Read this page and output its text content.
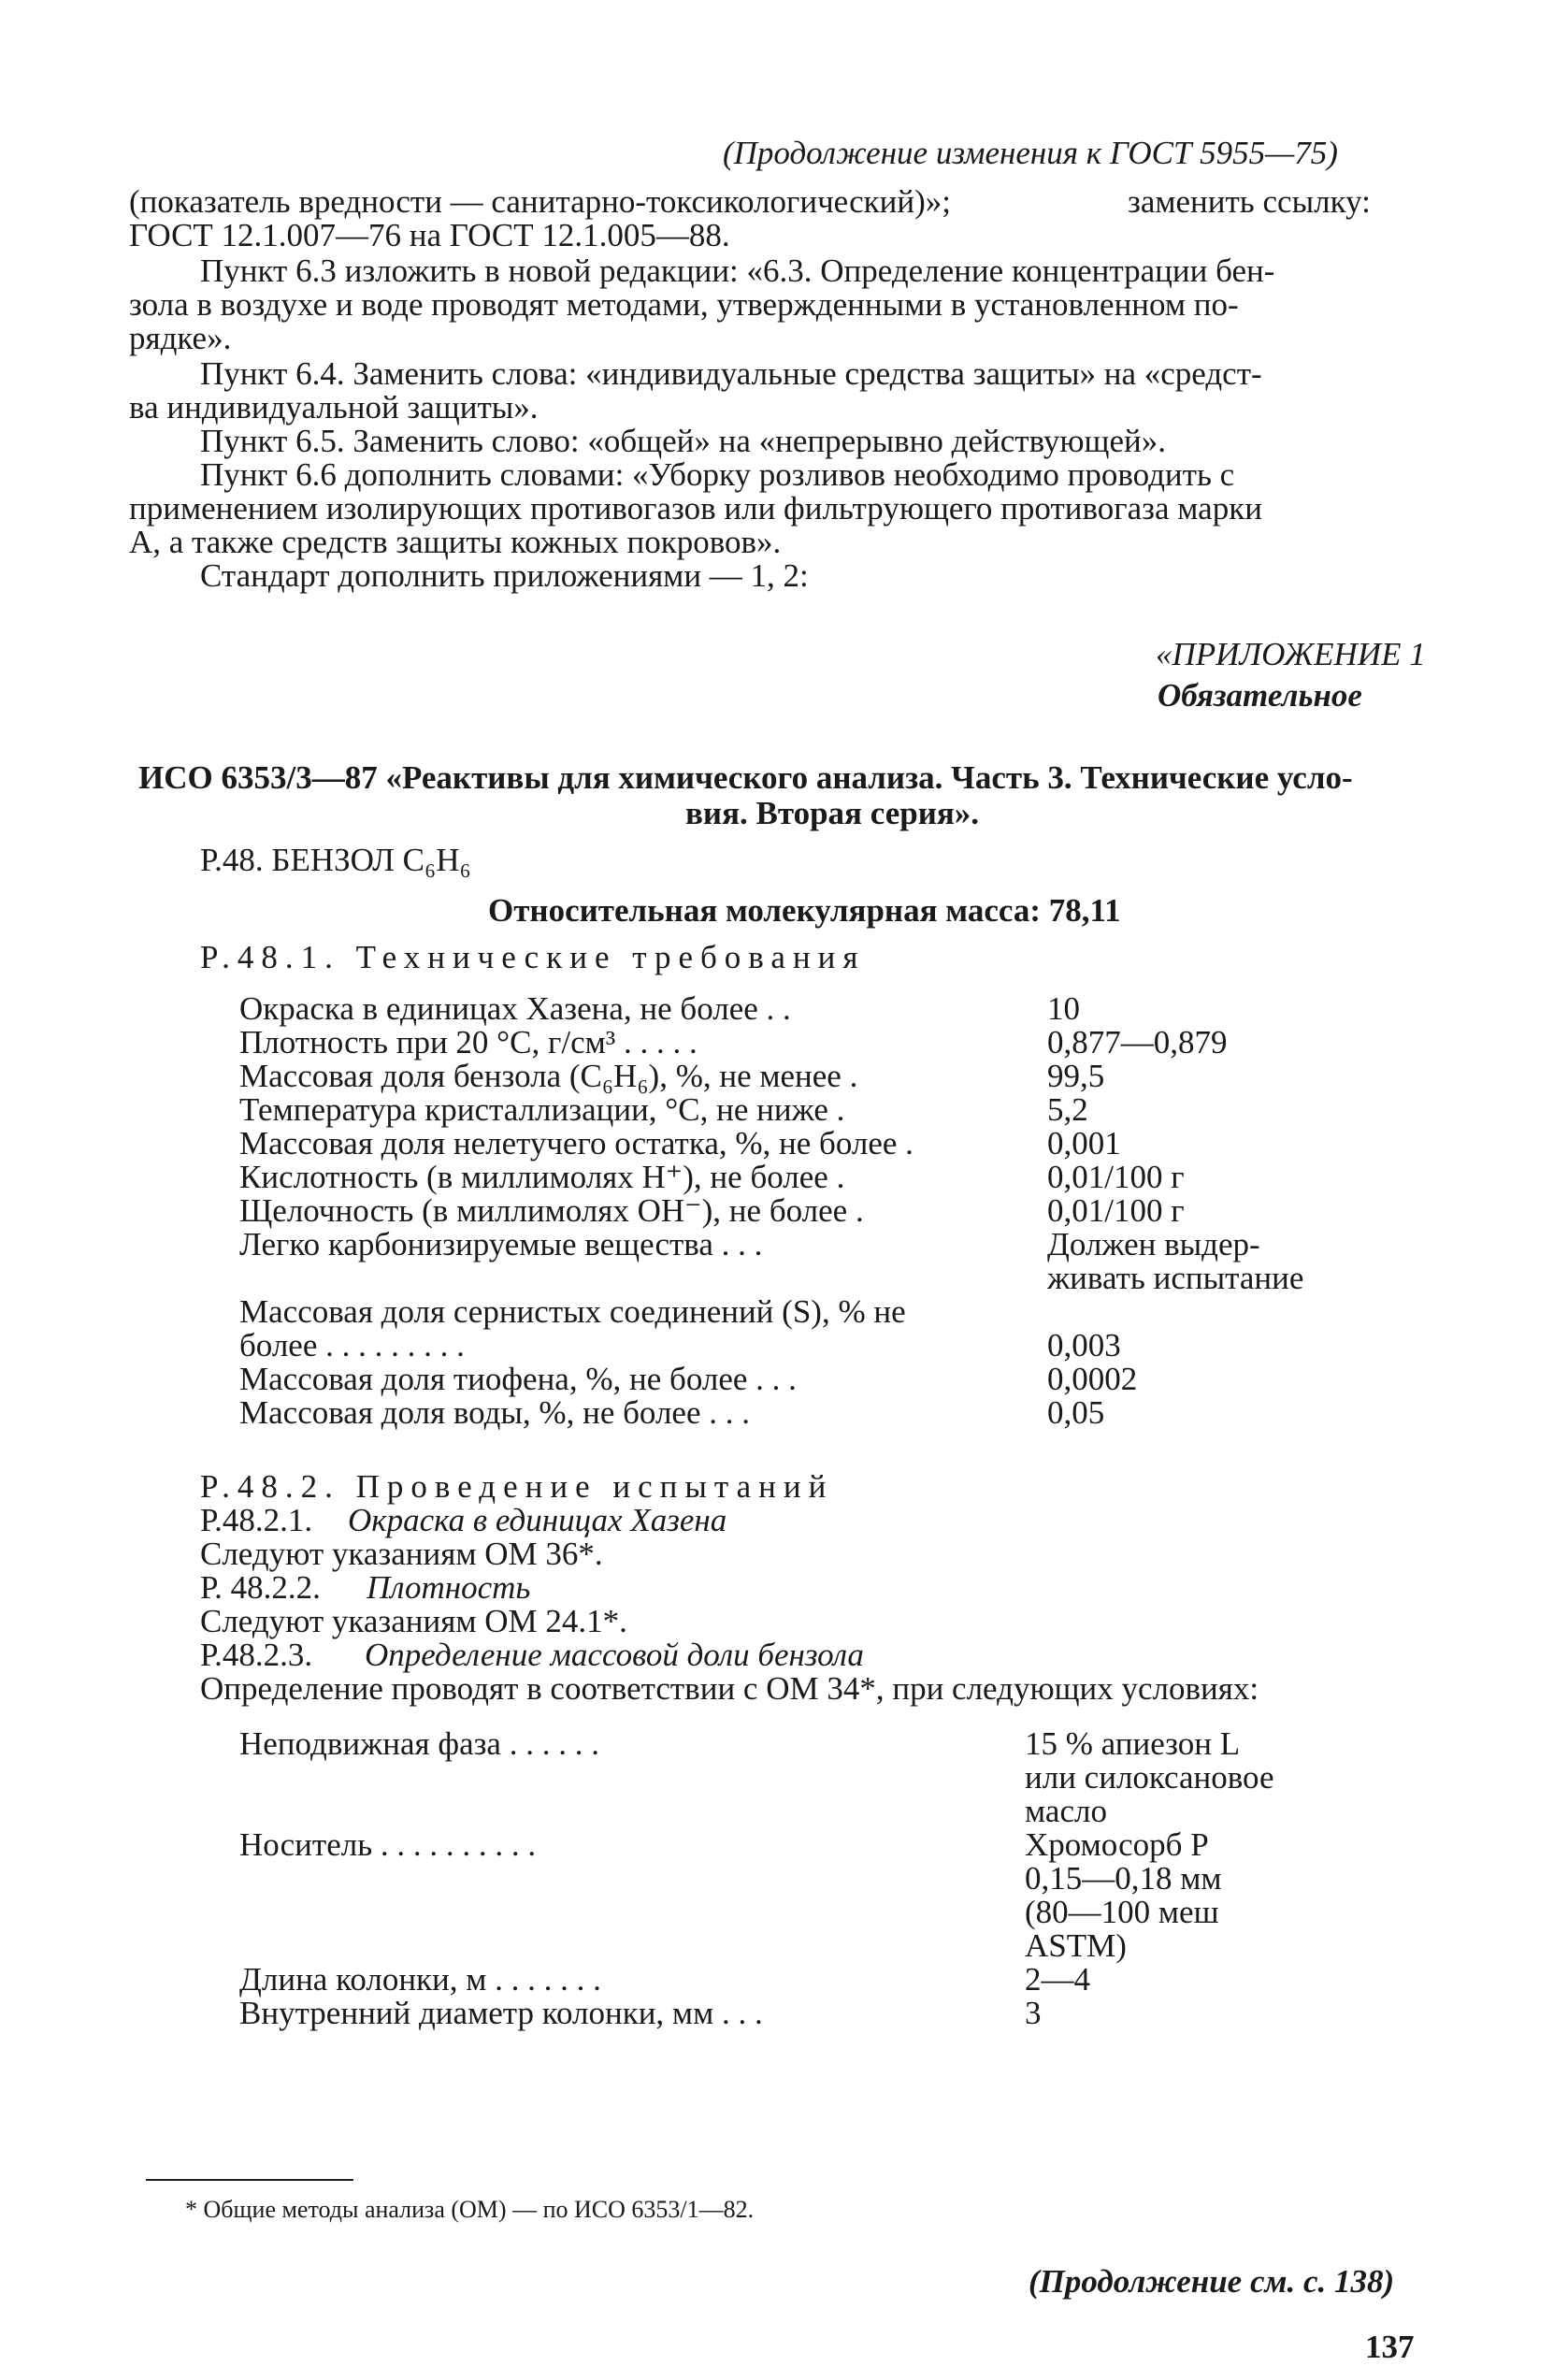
(Продолжение изменения к ГОСТ 5955—75)
(показатель вредности — санитарно-токсикологический)»;	заменить ссылку:
ГОСТ 12.1.007—76 на ГОСТ 12.1.005—88.
Пункт 6.3 изложить в новой редакции: «6.3. Определение концентрации бен-
зола в воздухе и воде проводят методами, утвержденными в установленном по-
рядке».
Пункт 6.4. Заменить слова: «индивидуальные средства защиты» на «средст-
ва индивидуальной защиты».
Пункт 6.5. Заменить слово: «общей» на «непрерывно действующей».
Пункт 6.6 дополнить словами: «Уборку розливов необходимо проводить с
применением изолирующих противогазов или фильтрующего противогаза марки
А, а также средств защиты кожных покровов».
Стандарт дополнить приложениями — 1, 2:
«ПРИЛОЖЕНИЕ 1
Обязательное
ИСО 6353/3—87 «Реактивы для химического анализа. Часть 3. Технические усло-
вия. Вторая серия».
Р.48. БЕНЗОЛ C₆H₆
Относительная молекулярная масса: 78,11
Р.48.1. Технические требования
Окраска в единицах Хазена, не более . .	10
Плотность при 20 °С, г/см³ . . . . .	0,877—0,879
Массовая доля бензола (C₆H₆), %, не менее .	99,5
Температура кристаллизации, °С, не ниже .	5,2
Массовая доля нелетучего остатка, %, не более .	0,001
Кислотность (в миллимолях Н⁺), не более .	0,01/100 г
Щелочность (в миллимолях ОН⁻), не более .	0,01/100 г
Легко карбонизируемые вещества . . .	Должен выдер-
живать испытание
Массовая доля сернистых соединений (S), % не
более . . . . . . . . .	0,003
Массовая доля тиофена, %, не более . . .	0,0002
Массовая доля воды, %, не более . . .	0,05
Р.48.2. Проведение испытаний
Р.48.2.1. Окраска в единицах Хазена
Следуют указаниям ОМ 36*.
Р. 48.2.2. Плотность
Следуют указаниям ОМ 24.1*.
Р.48.2.3. Определение массовой доли бензола
Определение проводят в соответствии с ОМ 34*, при следующих условиях:
Неподвижная фаза . . . . . .	15 % апиезон L
или силоксановое
масло
Носитель . . . . . . . . . .	Хромосорб Р
0,15—0,18 мм
(80—100 меш
ASTM)
Длина колонки, м . . . . . . .	2—4
Внутренний диаметр колонки, мм . . .	3
* Общие методы анализа (ОМ) — по ИСО 6353/1—82.
(Продолжение см. с. 138)
137
